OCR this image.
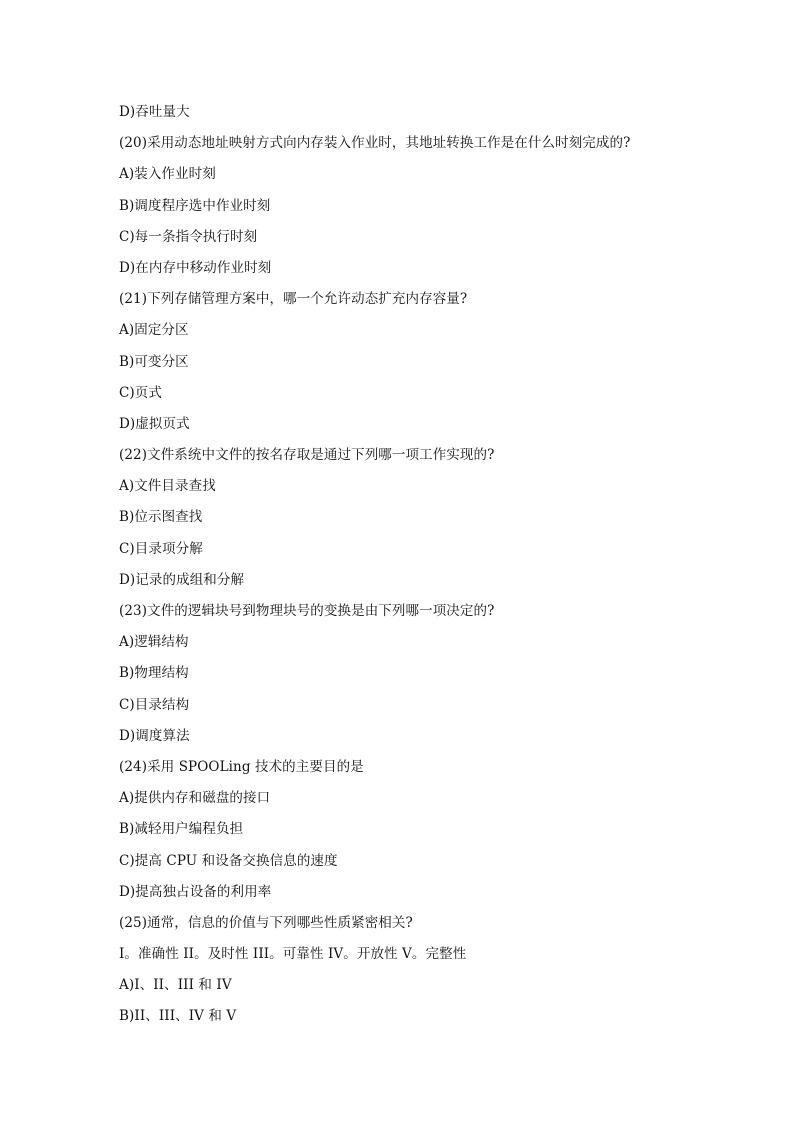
D)吞吐量大
(20)采用动态地址映射方式向内存装入作业时，其地址转换工作是在什么时刻完成的?
A)装入作业时刻
B)调度程序选中作业时刻
C)每一条指令执行时刻
D)在内存中移动作业时刻
(21)下列存储管理方案中，哪一个允许动态扩充内存容量?
A)固定分区
B)可变分区
C)页式
D)虚拟页式
(22)文件系统中文件的按名存取是通过下列哪一项工作实现的?
A)文件目录查找
B)位示图查找
C)目录项分解
D)记录的成组和分解
(23)文件的逻辑块号到物理块号的变换是由下列哪一项决定的?
A)逻辑结构
B)物理结构
C)目录结构
D)调度算法
(24)采用 SPOOLing 技术的主要目的是
A)提供内存和磁盘的接口
B)减轻用户编程负担
C)提高 CPU 和设备交换信息的速度
D)提高独占设备的利用率
(25)通常，信息的价值与下列哪些性质紧密相关?
I。准确性 II。及时性 III。可靠性 IV。开放性 V。完整性
A)I、II、III 和 IV
B)II、III、IV 和 V
